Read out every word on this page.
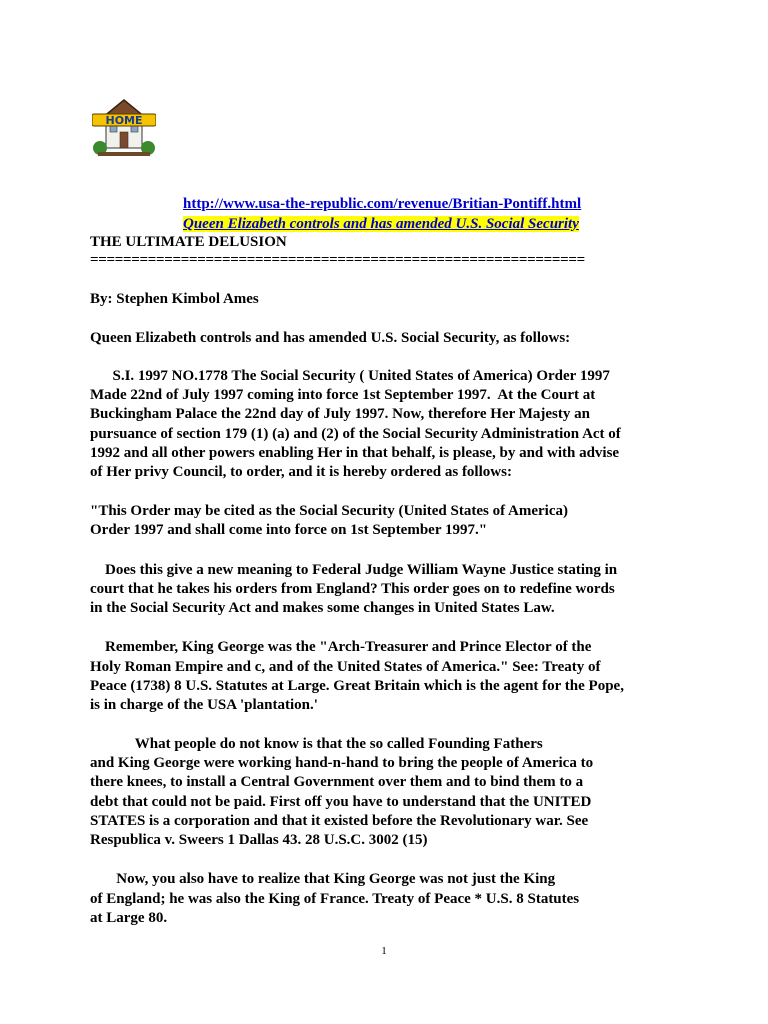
HOME

http://www.usa-the-republic.com/revenue/Britian-Pontiff.html

Queen Elizabeth controls and has amended U.S. Social Security

THE ULTIMATE DELUSION
============================================================
By: Stephen Kimbol Ames
Queen Elizabeth controls and has amended U.S. Social Security, as follows:
S.I. 1997 NO.1778 The Social Security ( United States of America) Order 1997
Made 22nd of July 1997 coming into force 1st September 1997.  At the Court at
Buckingham Palace the 22nd day of July 1997. Now, therefore Her Majesty an
pursuance of section 179 (1) (a) and (2) of the Social Security Administration Act of
1992 and all other powers enabling Her in that behalf, is please, by and with advise
of Her privy Council, to order, and it is hereby ordered as follows:
"This Order may be cited as the Social Security (United States of America)
Order 1997 and shall come into force on 1st September 1997."
Does this give a new meaning to Federal Judge William Wayne Justice stating in
court that he takes his orders from England? This order goes on to redefine words
in the Social Security Act and makes some changes in United States Law.
Remember, King George was the "Arch-Treasurer and Prince Elector of the
Holy Roman Empire and c, and of the United States of America." See: Treaty of
Peace (1738) 8 U.S. Statutes at Large. Great Britain which is the agent for the Pope,
is in charge of the USA 'plantation.'
What people do not know is that the so called Founding Fathers
and King George were working hand-n-hand to bring the people of America to
there knees, to install a Central Government over them and to bind them to a
debt that could not be paid. First off you have to understand that the UNITED
STATES is a corporation and that it existed before the Revolutionary war. See
Respublica v. Sweers 1 Dallas 43. 28 U.S.C. 3002 (15)
Now, you also have to realize that King George was not just the King
of England; he was also the King of France. Treaty of Peace * U.S. 8 Statutes
at Large 80.
1
